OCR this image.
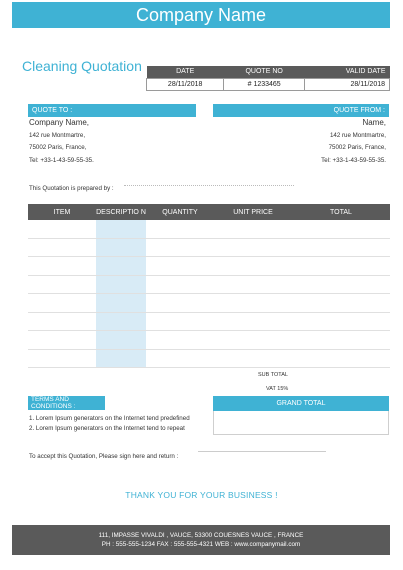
Company Name
Cleaning Quotation	DATE	QUOTE NO	VALID DATE
28/11/2018	# 1233465	28/11/2018
QUOTE TO :	QUOTE FROM :
Company Name,
142 rue Montmartre,
75002 Paris, France,
Tel: +33-1-43-59-55-35.
Name,
142 rue Montmartre,
75002 Paris, France,
Tel: +33-1-43-59-55-35.
This Quotation is prepared by :
ITEM	DESCRIPTIO N	QUANTITY	UNIT PRICE	TOTAL
SUB TOTAL
VAT 15%
TERMS AND CONDITIONS :	GRAND TOTAL
1. Lorem Ipsum generators on the Internet tend predefined
2. Lorem Ipsum generators on the Internet tend to repeat
To accept this Quotation, Please sign here and return :
THANK YOU FOR YOUR BUSINESS !
111, IMPASSE VIVALDI , VAUCE, 53300 COUESNES VAUCE , FRANCE
PH : 555-555-1234 FAX : 555-555-4321 WEB : www.companymail.com
